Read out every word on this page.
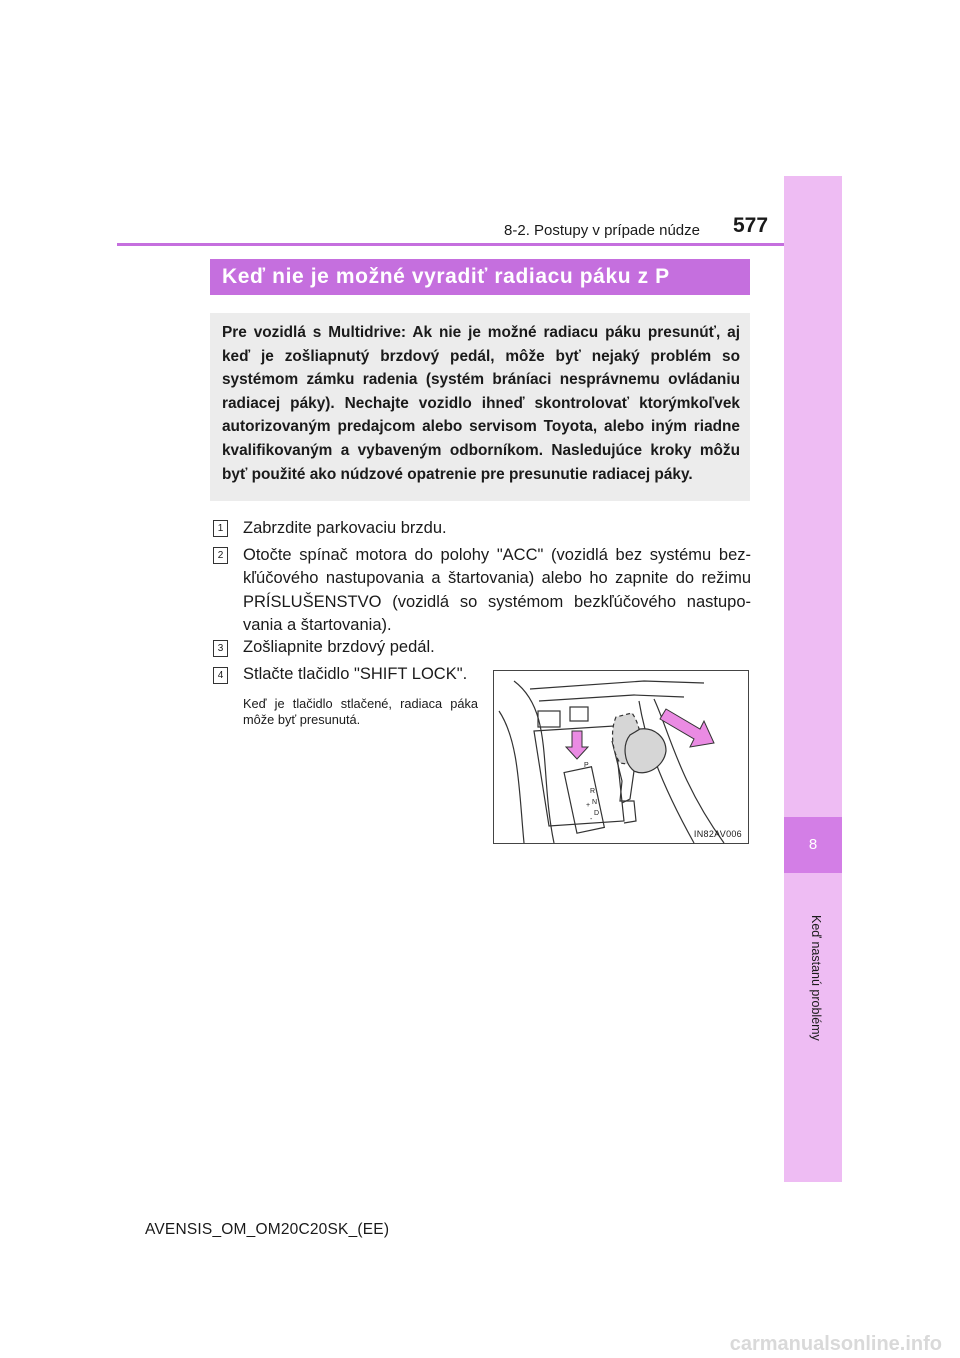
8
Keď nastanú problémy
8-2. Postupy v prípade núdze 577
Keď nie je možné vyradiť radiacu páku z P
Pre vozidlá s Multidrive: Ak nie je možné radiacu páku presunúť, aj keď je zošliapnutý brzdový pedál, môže byť nejaký problém so systémom zámku radenia (systém bráníaci nesprávnemu ovládaniu radiacej páky). Nechajte vozidlo ihneď skontrolovať ktorýmkoľvek autorizovaným predajcom alebo servisom Toyota, alebo iným riadne kvalifikovaným a vybaveným odborníkom. Nasledujúce kroky môžu byť použité ako núdzové opatrenie pre presunutie radiacej páky.
1 Zabrzdite parkovaciu brzdu.
2 Otočte spínač motora do polohy "ACC" (vozidlá bez systému bez-kľúčového nastupovania a štartovania) alebo ho zapnite do režimu PRÍSLUŠENSTVO (vozidlá so systémom bezkľúčového nastupo-vania a štartovania).
3 Zošliapnite brzdový pedál.
4 Stlačte tlačidlo "SHIFT LOCK".
Keď je tlačidlo stlačené, radiaca páka môže byť presunutá.
P
R
N
D
+
-
IN82AV006
AVENSIS_OM_OM20C20SK_(EE)
carmanualsonline.info
